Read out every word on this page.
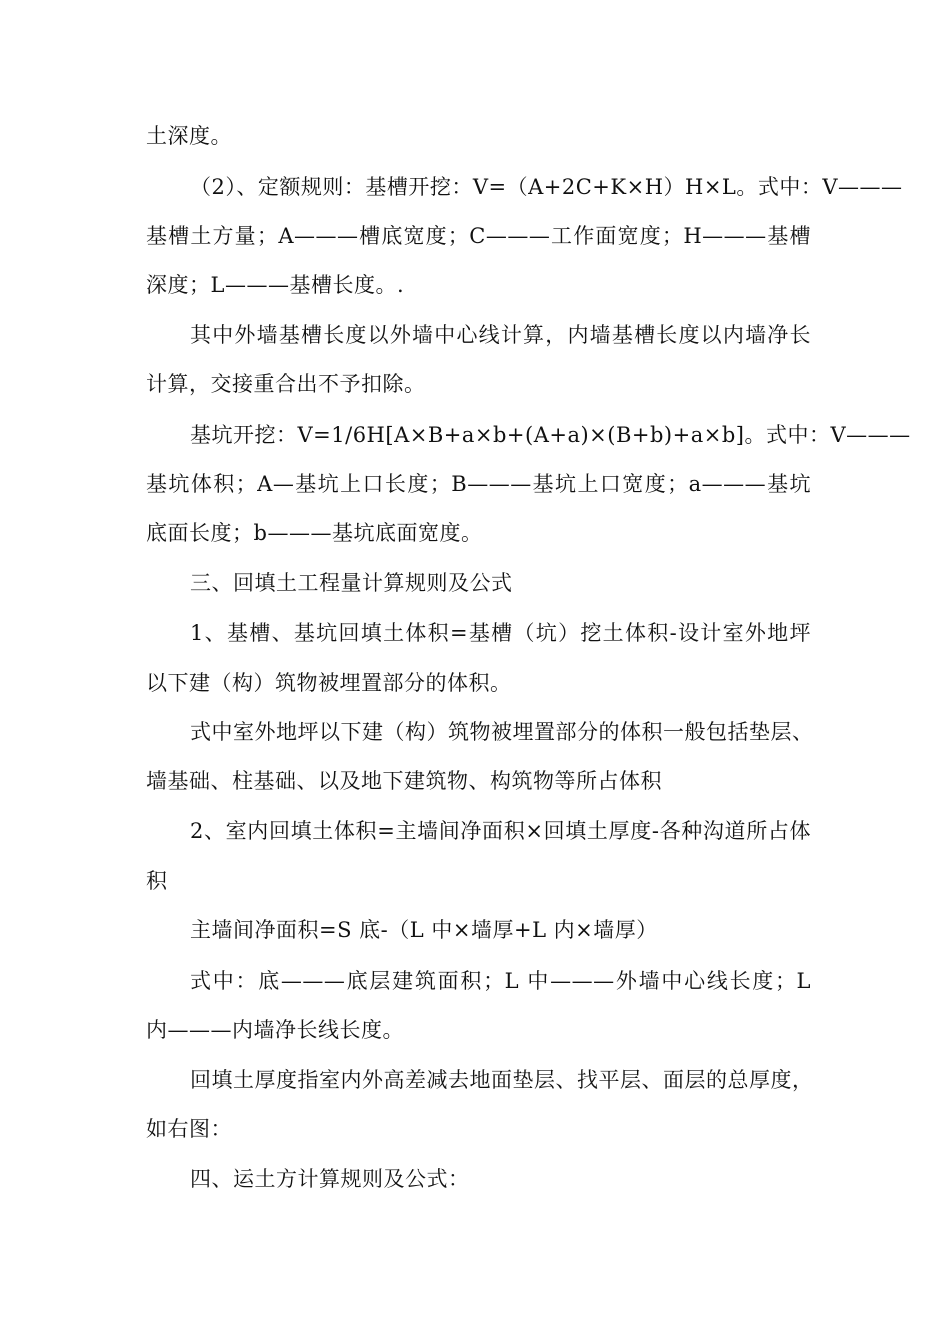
土深度。
（2）、定额规则：基槽开挖：V=（A+2C+K×H）H×L。式中：V———
基槽土方量；A———槽底宽度；C———工作面宽度；H———基槽
深度；L———基槽长度。.
其中外墙基槽长度以外墙中心线计算，内墙基槽长度以内墙净长
计算，交接重合出不予扣除。
基坑开挖：V=1/6H[A×B+a×b+(A+a)×(B+b)+a×b]。式中：V———
基坑体积；A—基坑上口长度；B———基坑上口宽度；a———基坑
底面长度；b———基坑底面宽度。
三、回填土工程量计算规则及公式
1、基槽、基坑回填土体积=基槽（坑）挖土体积-设计室外地坪
以下建（构）筑物被埋置部分的体积。
式中室外地坪以下建（构）筑物被埋置部分的体积一般包括垫层、
墙基础、柱基础、以及地下建筑物、构筑物等所占体积
2、室内回填土体积=主墙间净面积×回填土厚度-各种沟道所占体
积
主墙间净面积=S 底-（L 中×墙厚+L 内×墙厚）
式中：底———底层建筑面积；L 中———外墙中心线长度；L
内———内墙净长线长度。
回填土厚度指室内外高差减去地面垫层、找平层、面层的总厚度，
如右图：
四、运土方计算规则及公式：
